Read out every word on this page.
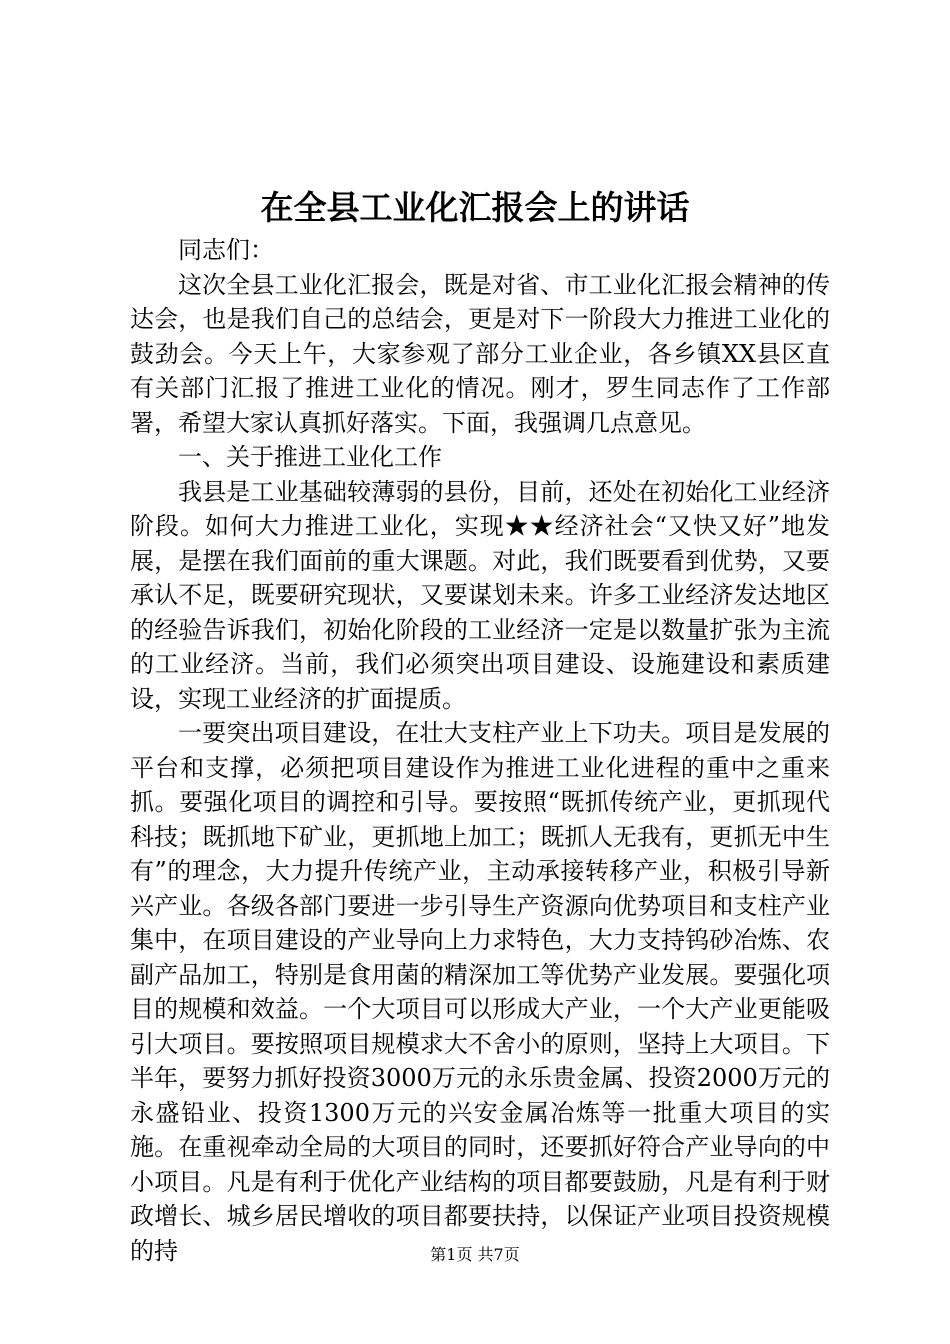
在全县工业化汇报会上的讲话

同志们：

这次全县工业化汇报会，既是对省、市工业化汇报会精神的传达会，也是我们自己的总结会，更是对下一阶段大力推进工业化的鼓劲会。今天上午，大家参观了部分工业企业，各乡镇XX县区直有关部门汇报了推进工业化的情况。刚才，罗生同志作了工作部署，希望大家认真抓好落实。下面，我强调几点意见。

一、关于推进工业化工作

我县是工业基础较薄弱的县份，目前，还处在初始化工业经济阶段。如何大力推进工业化，实现★★经济社会“又快又好”地发展，是摆在我们面前的重大课题。对此，我们既要看到优势，又要承认不足，既要研究现状，又要谋划未来。许多工业经济发达地区的经验告诉我们，初始化阶段的工业经济一定是以数量扩张为主流的工业经济。当前，我们必须突出项目建设、设施建设和素质建设，实现工业经济的扩面提质。

一要突出项目建设，在壮大支柱产业上下功夫。项目是发展的平台和支撑，必须把项目建设作为推进工业化进程的重中之重来抓。要强化项目的调控和引导。要按照“既抓传统产业，更抓现代科技；既抓地下矿业，更抓地上加工；既抓人无我有，更抓无中生有”的理念，大力提升传统产业，主动承接转移产业，积极引导新兴产业。各级各部门要进一步引导生产资源向优势项目和支柱产业集中，在项目建设的产业导向上力求特色，大力支持钨砂冶炼、农副产品加工，特别是食用菌的精深加工等优势产业发展。要强化项目的规模和效益。一个大项目可以形成大产业，一个大产业更能吸引大项目。要按照项目规模求大不舍小的原则，坚持上大项目。下半年，要努力抓好投资3000万元的永乐贵金属、投资2000万元的永盛铅业、投资1300万元的兴安金属冶炼等一批重大项目的实施。在重视牵动全局的大项目的同时，还要抓好符合产业导向的中小项目。凡是有利于优化产业结构的项目都要鼓励，凡是有利于财政增长、城乡居民增收的项目都要扶持，以保证产业项目投资规模的持	第1页 共7页
